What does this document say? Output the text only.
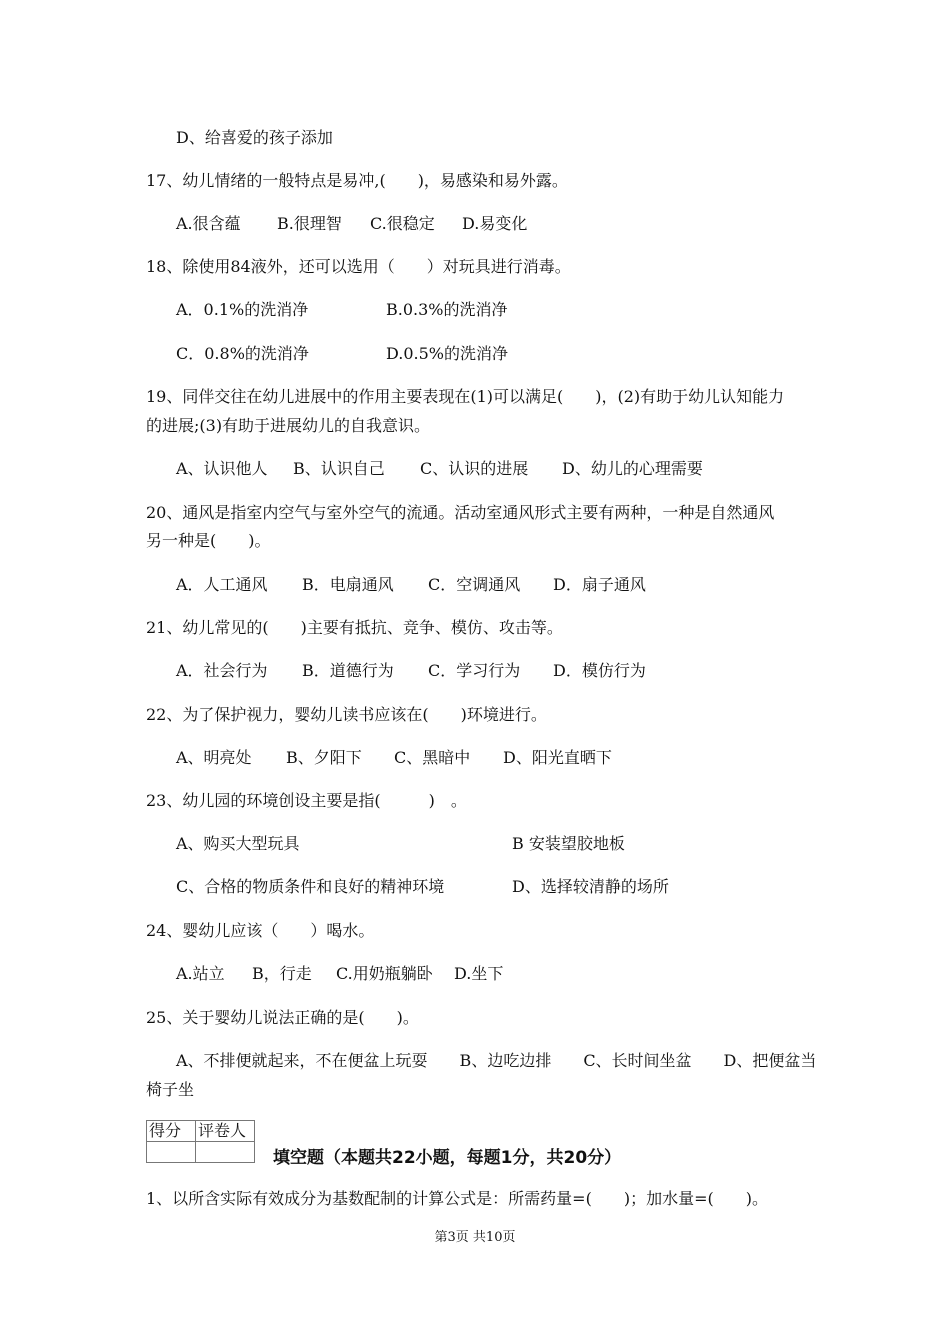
D、给喜爱的孩子添加
17、幼儿情绪的一般特点是易冲,(　　)，易感染和易外露。
A.很含蕴 B.很理智 C.很稳定 D.易变化
18、除使用84液外，还可以选用（　　）对玩具进行消毒。
A．0.1%的洗消净	B.0.3%的洗消净
C．0.8%的洗消净	D.0.5%的洗消净
19、同伴交往在幼儿进展中的作用主要表现在(1)可以满足(　　)，(2)有助于幼儿认知能力
的进展;(3)有助于进展幼儿的自我意识。
A、认识他人 B、认识自己 C、认识的进展 D、幼儿的心理需要
20、通风是指室内空气与室外空气的流通。活动室通风形式主要有两种，一种是自然通风
另一种是(　　)。
A．人工通风 B．电扇通风 C．空调通风 D．扇子通风
21、幼儿常见的(　　)主要有抵抗、竞争、模仿、攻击等。
A．社会行为 B．道德行为 C．学习行为 D．模仿行为
22、为了保护视力，婴幼儿读书应该在(　　)环境进行。
A、明亮处 B、夕阳下 C、黑暗中 D、阳光直晒下
23、幼儿园的环境创设主要是指(　　　)　。
A、购买大型玩具	B 安装望胶地板
C、合格的物质条件和良好的精神环境	D、选择较清静的场所
24、婴幼儿应该（　　）喝水。
A.站立 B，行走 C.用奶瓶躺卧 D.坐下
25、关于婴幼儿说法正确的是(　　)。
A、不排便就起来，不在便盆上玩耍　　B、边吃边排　　C、长时间坐盆　　D、把便盆当
椅子坐
得分	评卷人

填空题（本题共22小题，每题1分，共20分）
1、以所含实际有效成分为基数配制的计算公式是：所需药量=(　　)；加水量=(　　)。
第3页 共10页
